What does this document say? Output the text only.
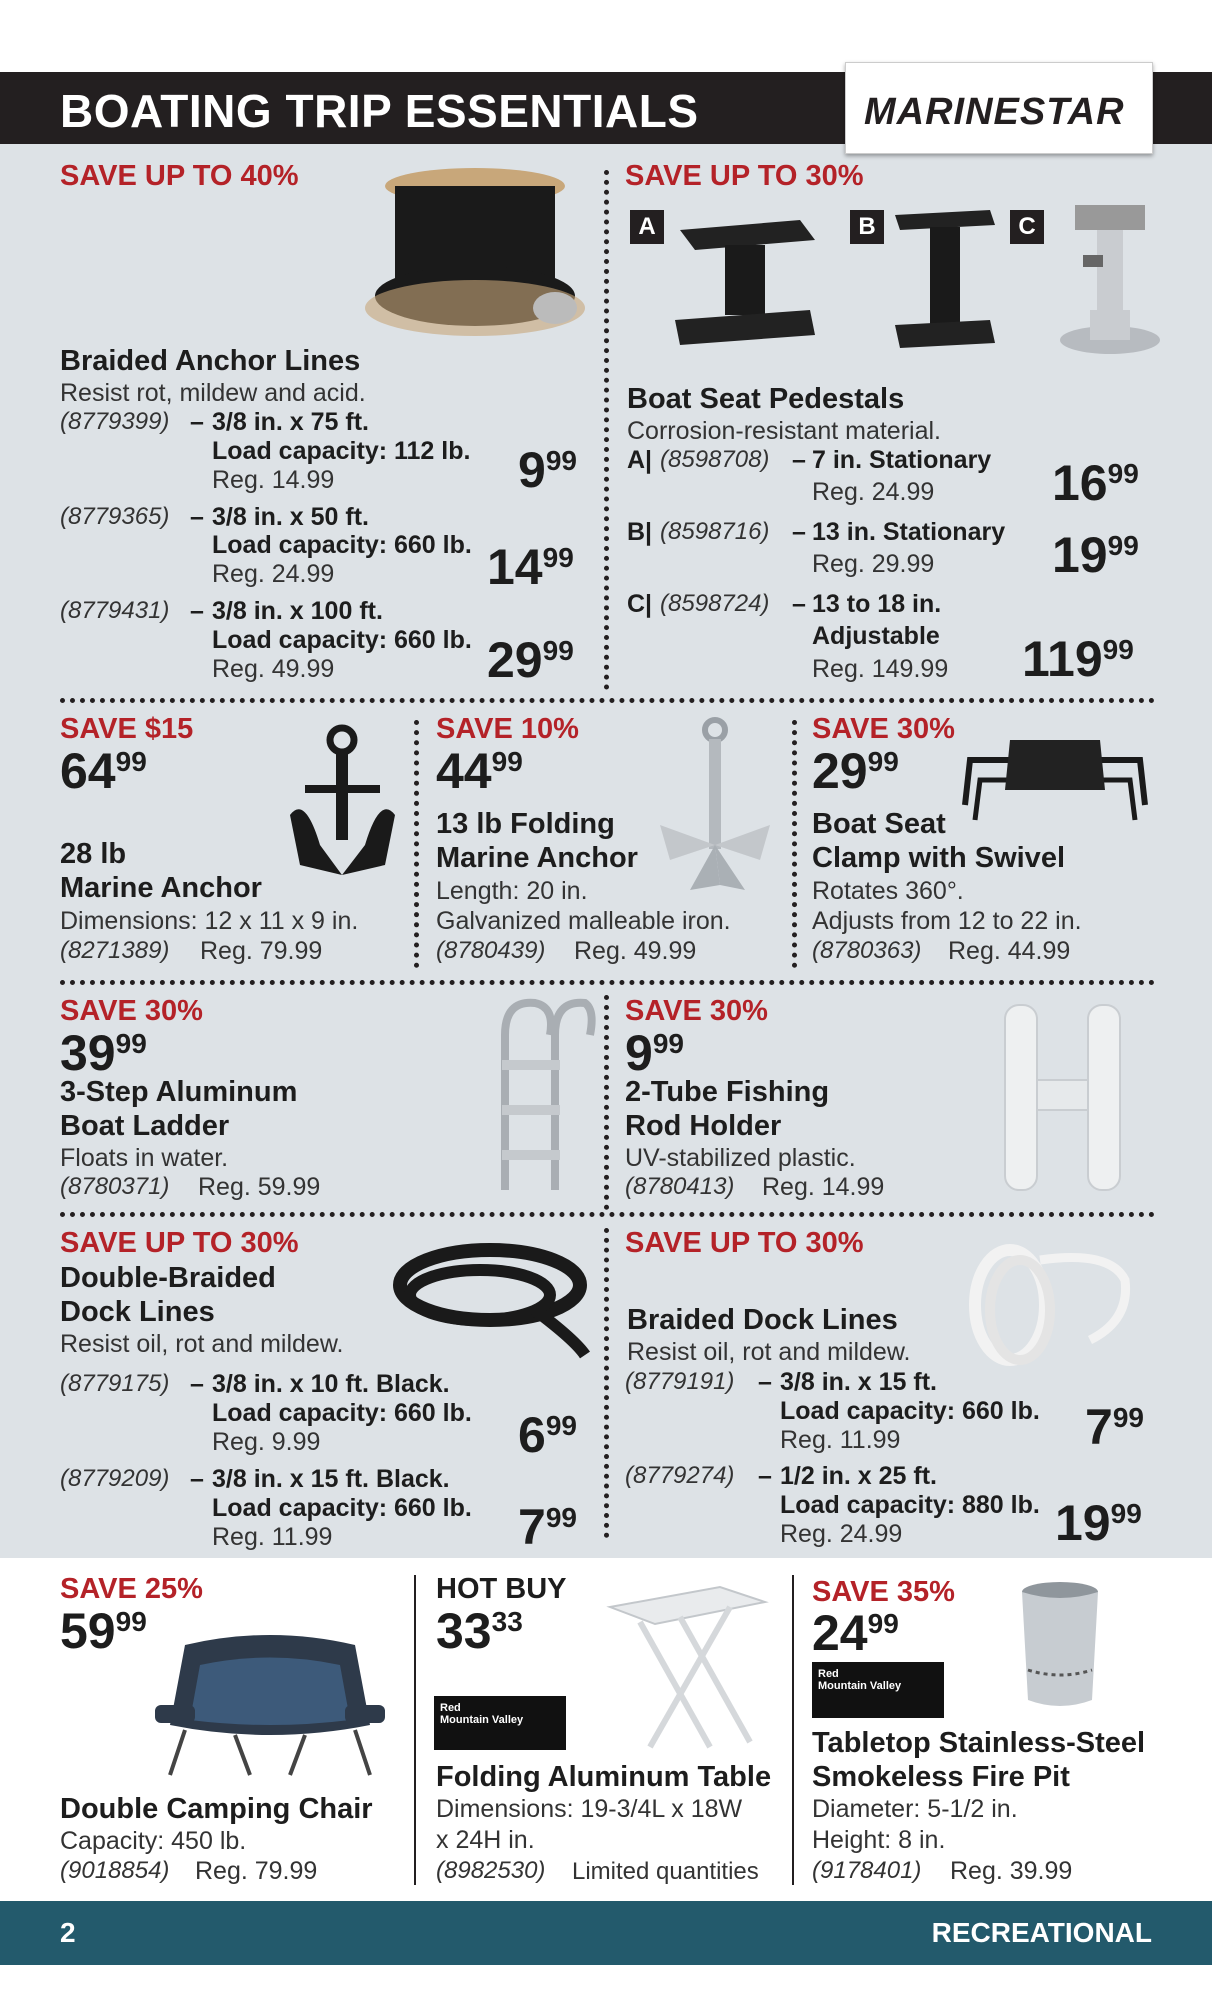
BOATING TRIP ESSENTIALS	MARINESTAR
SAVE UP TO 40%
Braided Anchor Lines
Resist rot, mildew and acid.
(8779399) – 3/8 in. x 75 ft.
Load capacity: 112 lb.
Reg. 14.99	$9^{99}$
(8779365) – 3/8 in. x 50 ft.
Load capacity: 660 lb.
Reg. 24.99	$14^{99}$
(8779431) – 3/8 in. x 100 ft.
Load capacity: 660 lb.
Reg. 49.99	$29^{99}$
SAVE UP TO 30%
A	B	C
Boat Seat Pedestals
Corrosion-resistant material.
A| (8598708) – 7 in. Stationary
Reg. 24.99 $16^{99}$
B| (8598716) – 13 in. Stationary
Reg. 29.99 $19^{99}$
C| (8598724) – 13 to 18 in.
Adjustable
Reg. 149.99 $119^{99}$
SAVE $15
$64^{99}$
28 lb
Marine Anchor
Dimensions: 12 x 11 x 9 in.
(8271389) Reg. 79.99
SAVE 10%
$44^{99}$
13 lb Folding
Marine Anchor
Length: 20 in.
Galvanized malleable iron.
(8780439) Reg. 49.99
SAVE 30%
$29^{99}$
Boat Seat
Clamp with Swivel
Rotates 360°.
Adjusts from 12 to 22 in.
(8780363) Reg. 44.99
SAVE 30%
$39^{99}$
3-Step Aluminum
Boat Ladder
Floats in water.
(8780371) Reg. 59.99
SAVE 30%
$9^{99}$
2-Tube Fishing
Rod Holder
UV-stabilized plastic.
(8780413) Reg. 14.99
SAVE UP TO 30%
Double-Braided
Dock Lines
Resist oil, rot and mildew.
(8779175) – 3/8 in. x 10 ft. Black.
Load capacity: 660 lb.
Reg. 9.99	$6^{99}$
(8779209) – 3/8 in. x 15 ft. Black.
Load capacity: 660 lb.
Reg. 11.99	$7^{99}$
SAVE UP TO 30%
Braided Dock Lines
Resist oil, rot and mildew.
(8779191) – 3/8 in. x 15 ft.
Load capacity: 660 lb.
Reg. 11.99	$7^{99}$
(8779274) – 1/2 in. x 25 ft.
Load capacity: 880 lb.
Reg. 24.99	$19^{99}$
SAVE 25%
$59^{99}$
Double Camping Chair
Capacity: 450 lb.
(9018854) Reg. 79.99
HOT BUY
$33^{33}$
Red
Mountain Valley
Folding Aluminum Table
Dimensions: 19-3/4L x 18W
x 24H in.
(8982530) Limited quantities
SAVE 35%
$24^{99}$
Red
Mountain Valley
Tabletop Stainless-Steel
Smokeless Fire Pit
Diameter: 5-1/2 in.
Height: 8 in.
(9178401) Reg. 39.99
2	RECREATIONAL
